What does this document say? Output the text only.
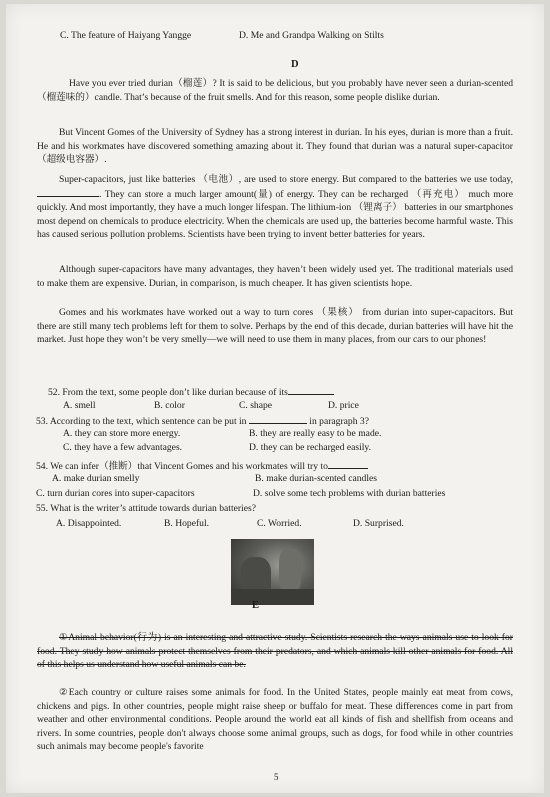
C. The feature of Haiyang Yangge	D. Me and Grandpa Walking on Stilts
D
Have you ever tried durian（榴莲）? It is said to be delicious, but you probably have never seen a durian-scented（榴莲味的）candle. That’s because of the fruit smells. And for this reason, some people dislike durian.
But Vincent Gomes of the University of Sydney has a strong interest in durian. In his eyes, durian is more than a fruit. He and his workmates have discovered something amazing about it. They found that durian was a natural super-capacitor （超级电容器）.
Super-capacitors, just like batteries （电池）, are used to store energy. But compared to the batteries we use today, . They can store a much larger amount(量) of energy. They can be recharged （再充电） much more quickly. And most importantly, they have a much longer lifespan. The lithium-ion （锂离子） batteries in our smartphones most depend on chemicals to produce electricity. When the chemicals are used up, the batteries become harmful waste. This has caused serious pollution problems. Scientists have been trying to invent better batteries for years.
Although super-capacitors have many advantages, they haven’t been widely used yet. The traditional materials used to make them are expensive. Durian, in comparison, is much cheaper. It has given scientists hope.
Gomes and his workmates have worked out a way to turn cores （果核） from durian into super-capacitors. But there are still many tech problems left for them to solve. Perhaps by the end of this decade, durian batteries will have hit the market. Just hope they won’t be very smelly—we will need to use them in many places, from our cars to our phones!
52. From the text, some people don’t like durian because of its
A. smell	B. color	C. shape	D. price
53. According to the text, which sentence can be put in	in paragraph 3?
A. they can store more energy.	B. they are really easy to be made.
C. they have a few advantages.	D. they can be recharged easily.
54. We can infer（推断）that Vincent Gomes and his workmates will try to
A. make durian smelly	B. make durian-scented candles
C. turn durian cores into super-capacitors	D. solve some tech problems with durian batteries
55. What is the writer’s attitude towards durian batteries?
A. Disappointed.	B. Hopeful.	C. Worried.	D. Surprised.
E
①Animal behavior(行为) is an interesting and attractive study. Scientists research the ways animals use to look for food. They study how animals protect themselves from their predators, and which animals kill other animals for food. All of this helps us understand how useful animals can be.
②Each country or culture raises some animals for food. In the United States, people mainly eat meat from cows, chickens and pigs. In other countries, people might raise sheep or buffalo for meat. These differences come in part from weather and other environmental conditions. People around the world eat all kinds of fish and shellfish from oceans and rivers. In some countries, people don't always choose some animal groups, such as dogs, for food while in other countries such animals may become people's favorite
5
